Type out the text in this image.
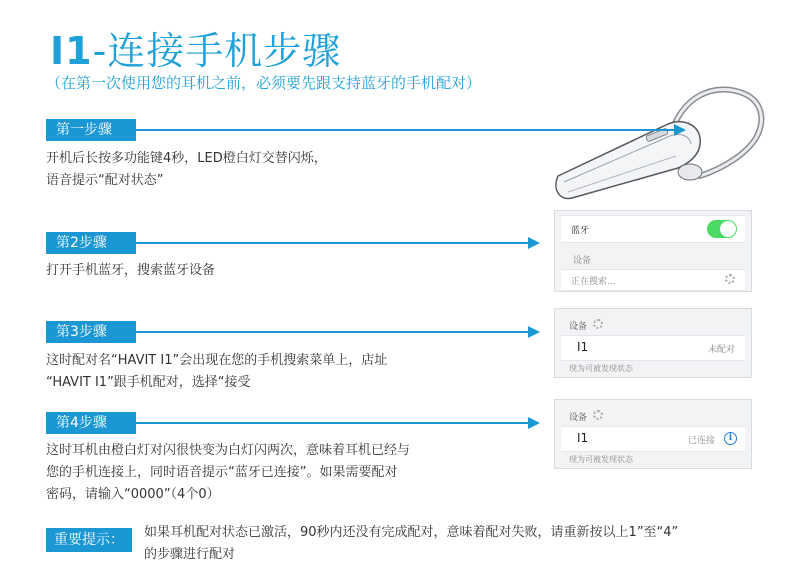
I1-连接手机步骤
（在第一次使用您的耳机之前，必须要先跟支持蓝牙的手机配对）
第一步骤
开机后长按多功能键4秒，LED橙白灯交替闪烁，
语音提示“配对状态”
第2步骤
打开手机蓝牙，搜索蓝牙设备
蓝牙
设备
正在搜索...
第3步骤
这时配对名“HAVIT I1”会出现在您的手机搜索菜单上，店址
“HAVIT I1”跟手机配对，选择“接受
设备
I1	未配对
现为可被发现状态
第4步骤
这时耳机由橙白灯对闪很快变为白灯闪两次，意味着耳机已经与
您的手机连接上，同时语音提示“蓝牙已连接”。如果需要配对
密码，请输入“0000”（4个0）
设备
I1	已连接	i
现为可被发现状态
重要提示：	如果耳机配对状态已激活，90秒内还没有完成配对，意味着配对失败，请重新按以上1”至“4”
的步骤进行配对
